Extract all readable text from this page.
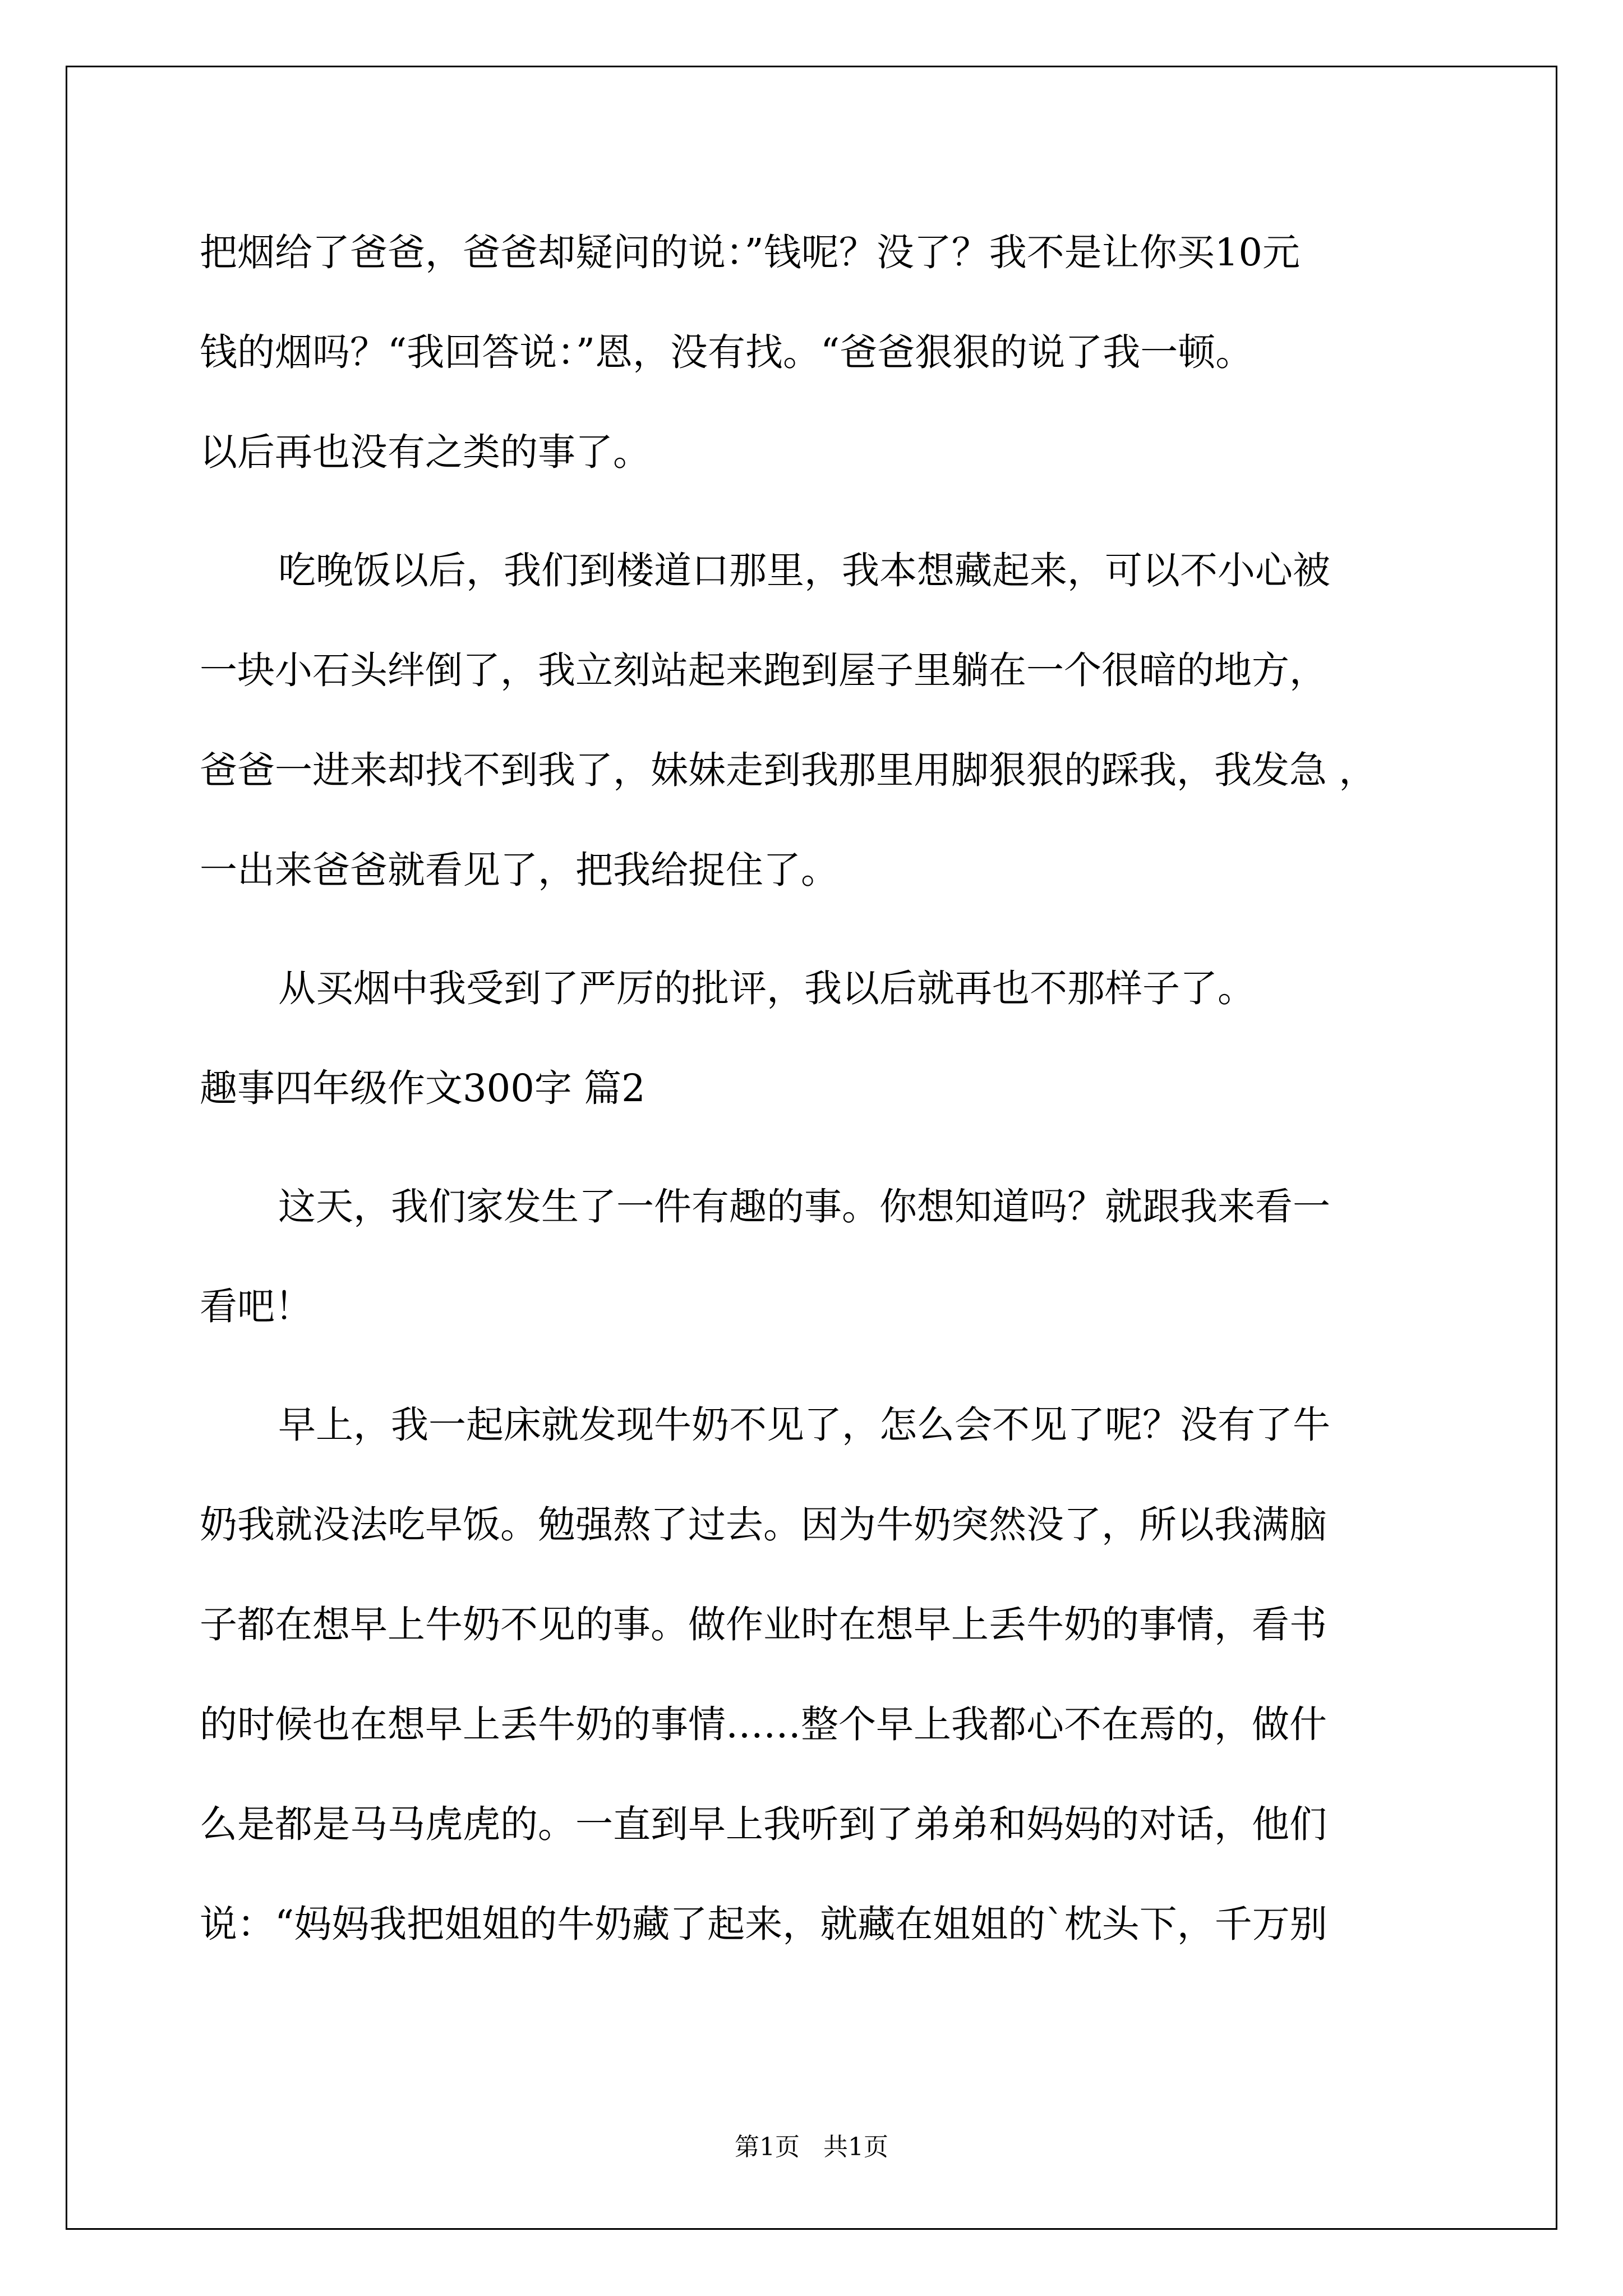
把烟给了爸爸，爸爸却疑问的说：”钱呢？没了？我不是让你买10元

钱的烟吗？“我回答说：”恩，没有找。“爸爸狠狠的说了我一顿。

以后再也没有之类的事了。

吃晚饭以后，我们到楼道口那里，我本想藏起来，可以不小心被

一块小石头绊倒了，我立刻站起来跑到屋子里躺在一个很暗的地方，

爸爸一进来却找不到我了，妹妹走到我那里用脚狠狠的踩我，我发急 ，

一出来爸爸就看见了，把我给捉住了。

从买烟中我受到了严厉的批评，我以后就再也不那样子了。

趣事四年级作文300字 篇2

这天，我们家发生了一件有趣的事。你想知道吗？就跟我来看一

看吧！

早上，我一起床就发现牛奶不见了，怎么会不见了呢？没有了牛

奶我就没法吃早饭。勉强熬了过去。因为牛奶突然没了，所以我满脑

子都在想早上牛奶不见的事。做作业时在想早上丢牛奶的事情，看书

的时候也在想早上丢牛奶的事情……整个早上我都心不在焉的，做什

么是都是马马虎虎的。一直到早上我听到了弟弟和妈妈的对话，他们

说：“妈妈我把姐姐的牛奶藏了起来，就藏在姐姐的`枕头下，千万别

第1页   共1页
